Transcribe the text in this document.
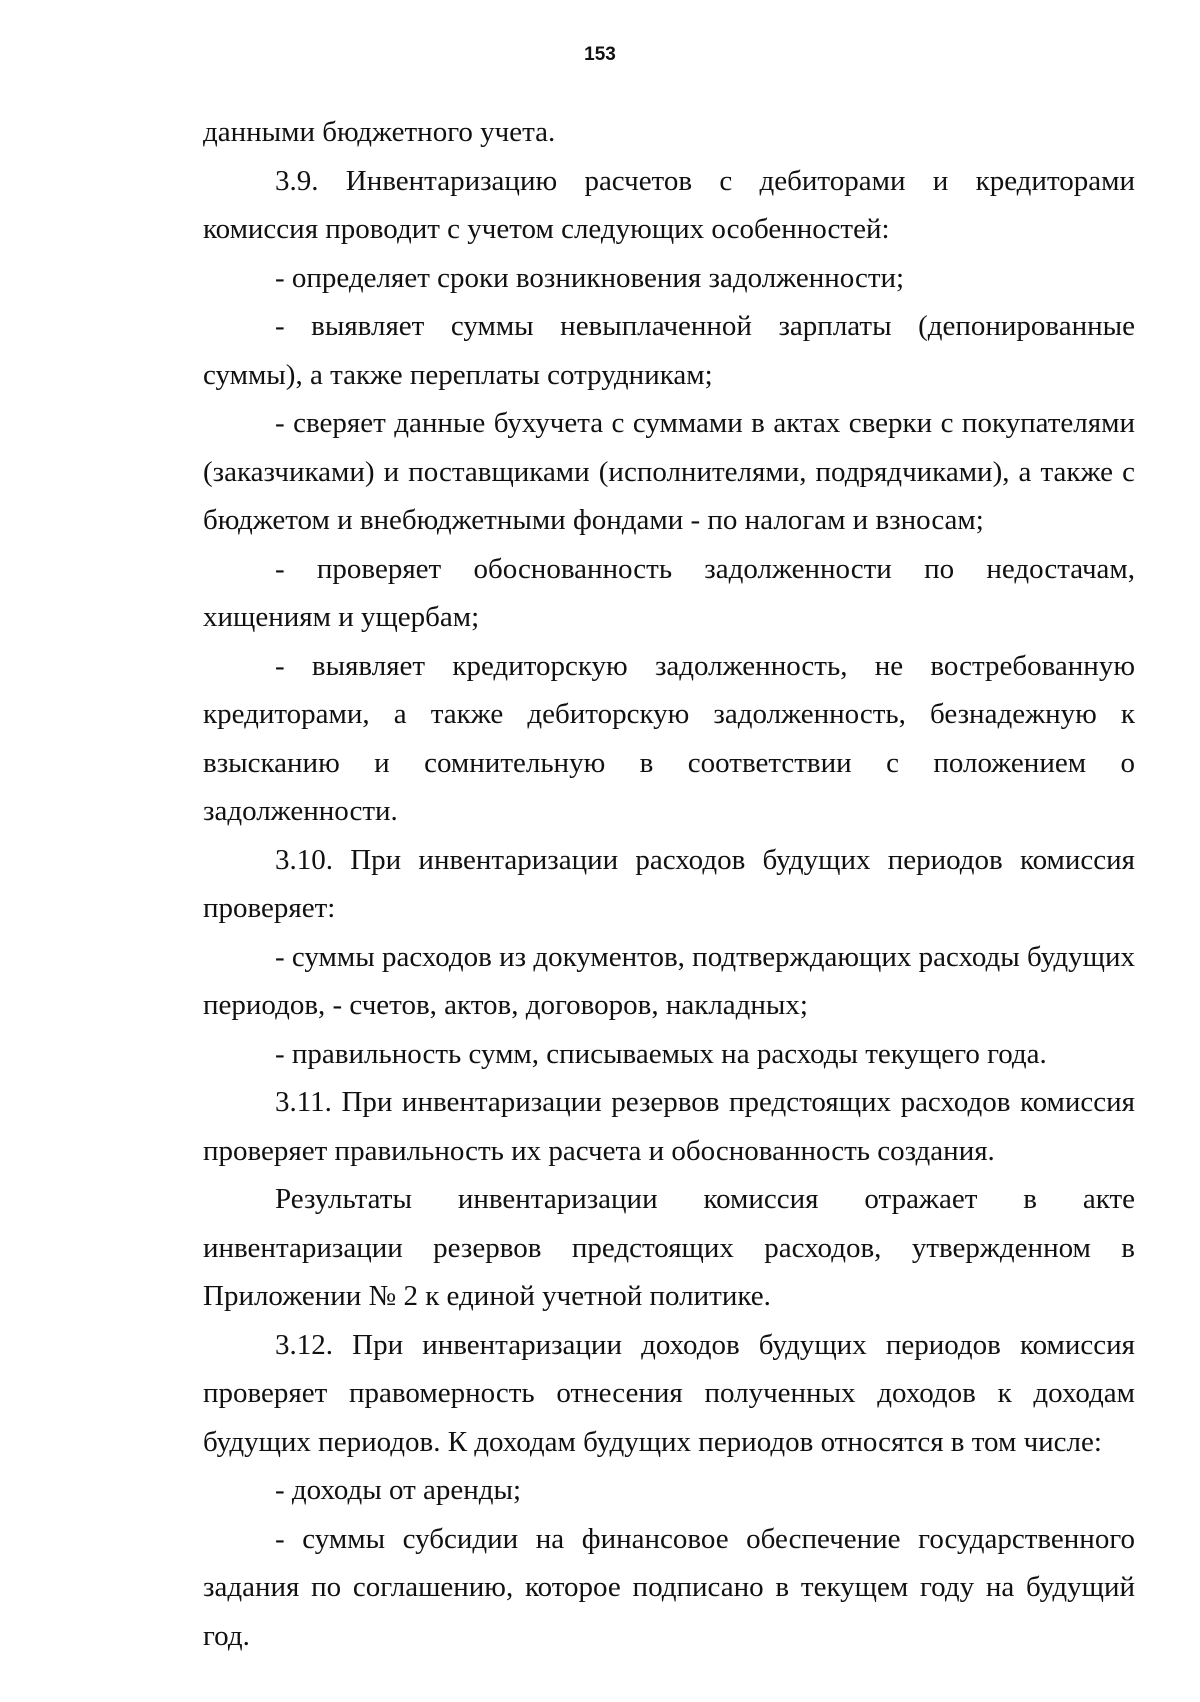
153

данными бюджетного учета.

3.9. Инвентаризацию расчетов с дебиторами и кредиторами комиссия проводит с учетом следующих особенностей:

- определяет сроки возникновения задолженности;

- выявляет суммы невыплаченной зарплаты (депонированные суммы), а также переплаты сотрудникам;

- сверяет данные бухучета с суммами в актах сверки с покупателями (заказчиками) и поставщиками (исполнителями, подрядчиками), а также с бюджетом и внебюджетными фондами - по налогам и взносам;

- проверяет обоснованность задолженности по недостачам, хищениям и ущербам;

- выявляет кредиторскую задолженность, не востребованную кредиторами, а также дебиторскую задолженность, безнадежную к взысканию и сомнительную в соответствии с положением о задолженности.

3.10. При инвентаризации расходов будущих периодов комиссия проверяет:

- суммы расходов из документов, подтверждающих расходы будущих периодов, - счетов, актов, договоров, накладных;

- правильность сумм, списываемых на расходы текущего года.

3.11. При инвентаризации резервов предстоящих расходов комиссия проверяет правильность их расчета и обоснованность создания.

Результаты инвентаризации комиссия отражает в акте инвентаризации резервов предстоящих расходов, утвержденном в Приложении № 2 к единой учетной политике.

3.12. При инвентаризации доходов будущих периодов комиссия проверяет правомерность отнесения полученных доходов к доходам будущих периодов. К доходам будущих периодов относятся в том числе:

- доходы от аренды;

- суммы субсидии на финансовое обеспечение государственного задания по соглашению, которое подписано в текущем году на будущий год.
